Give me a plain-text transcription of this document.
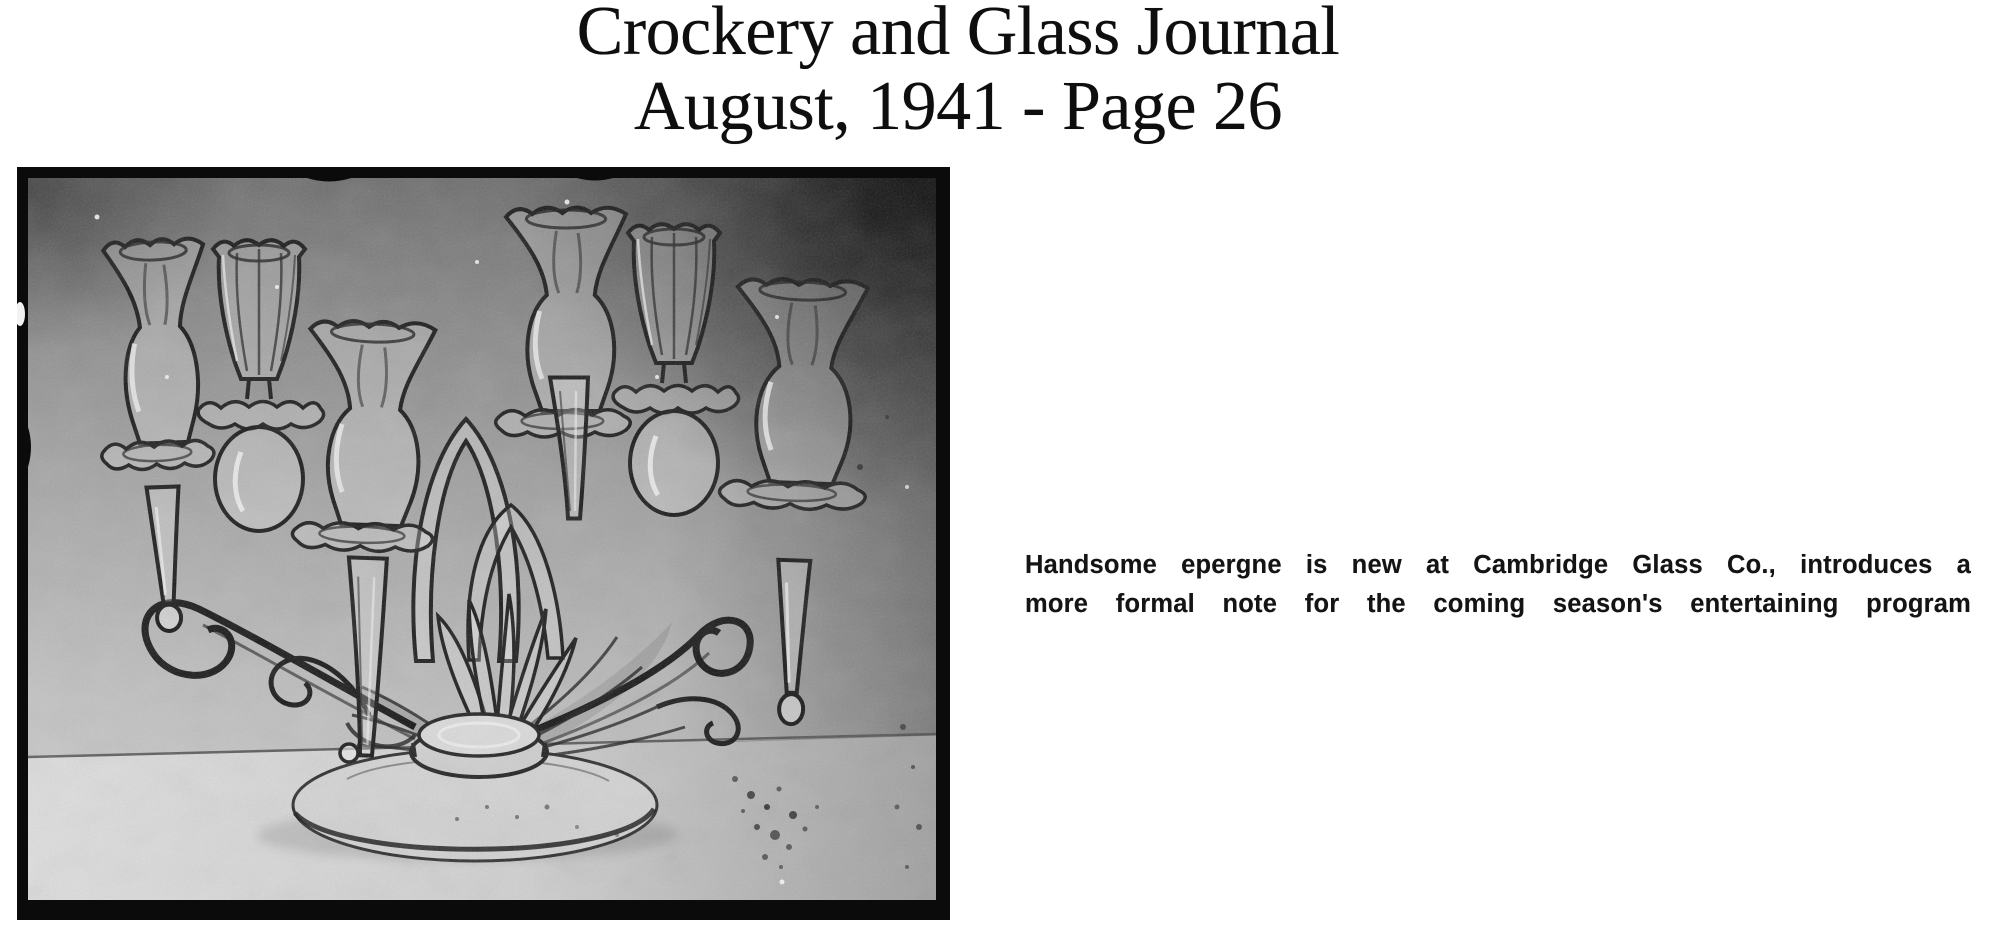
Crockery and Glass Journal
August, 1941 - Page 26
Handsome epergne is new at Cambridge Glass Co., introduces a
more formal note for the coming season's entertaining program
